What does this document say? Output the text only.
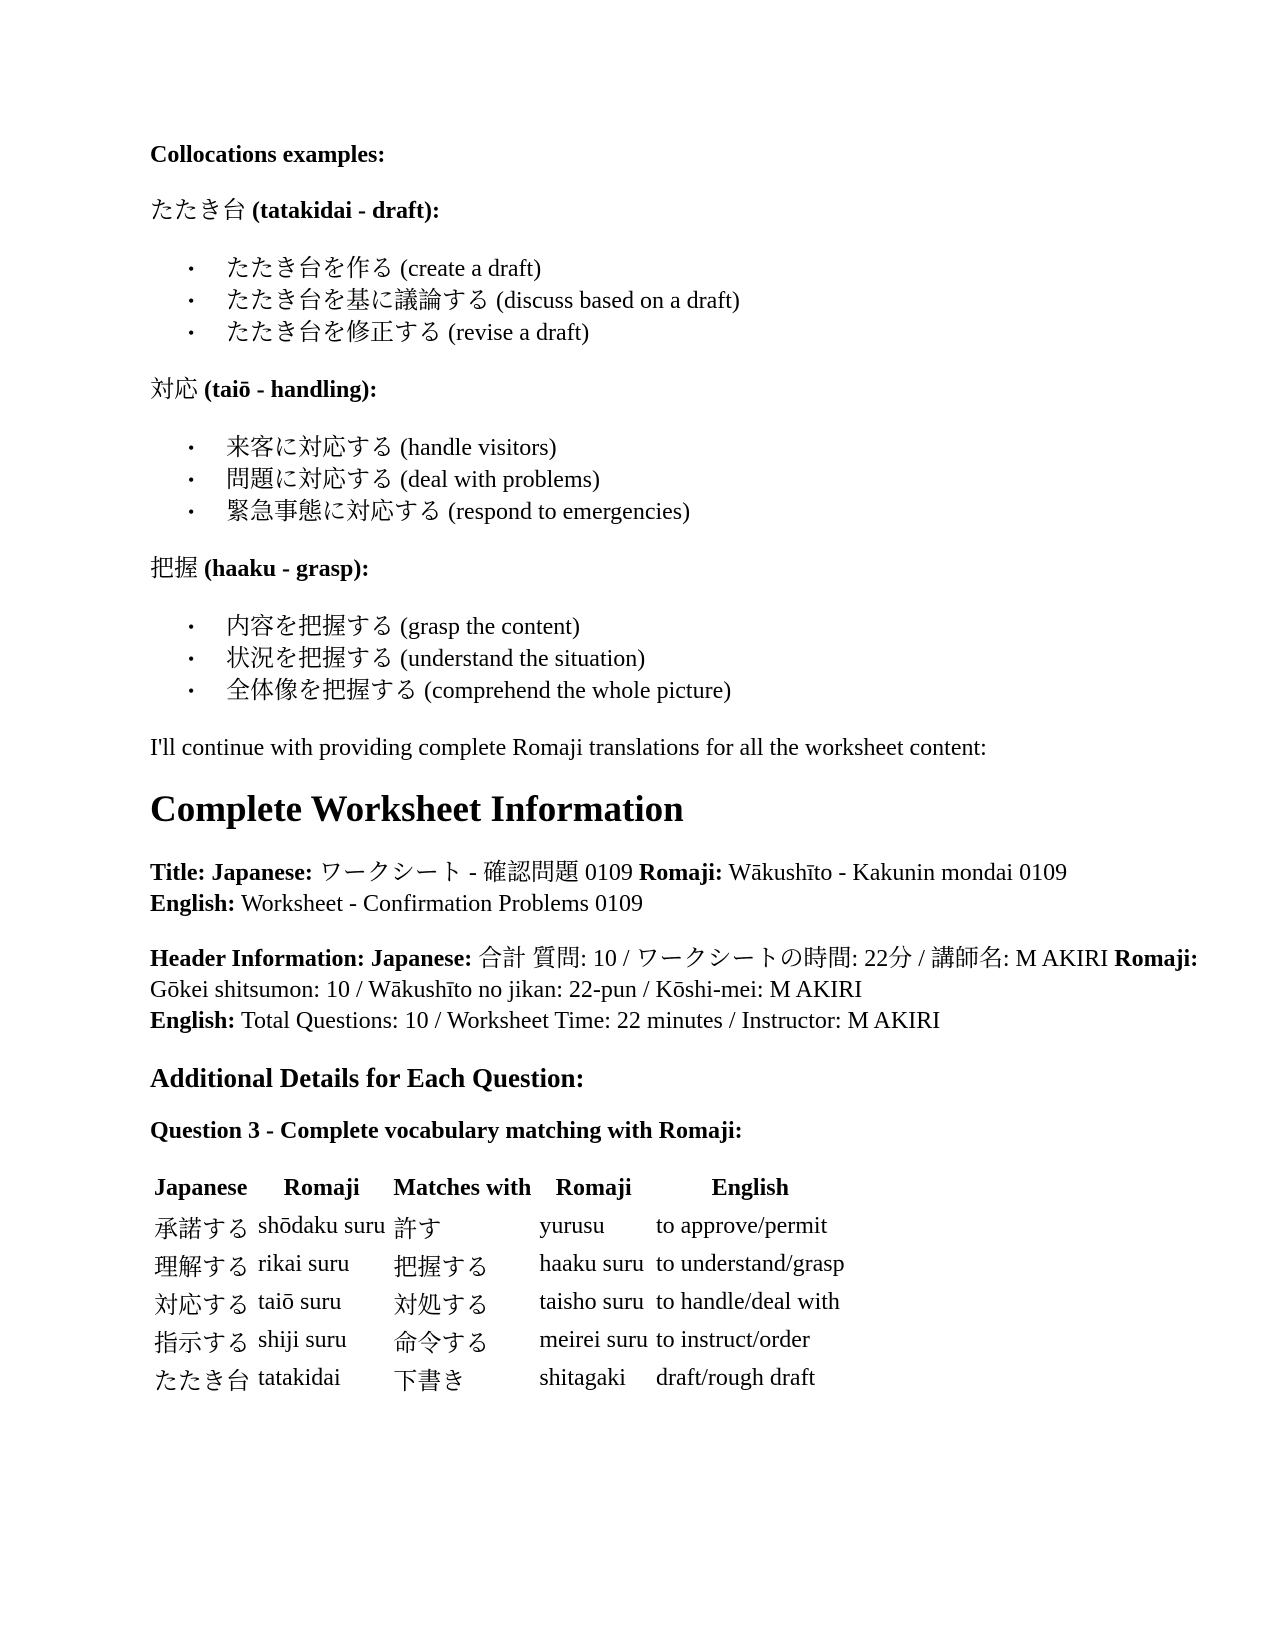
Collocations examples:

たたき台 (tatakidai - draft):

• たたき台を作る (create a draft)
• たたき台を基に議論する (discuss based on a draft)
• たたき台を修正する (revise a draft)

対応 (taiō - handling):

• 来客に対応する (handle visitors)
• 問題に対応する (deal with problems)
• 緊急事態に対応する (respond to emergencies)

把握 (haaku - grasp):

• 内容を把握する (grasp the content)
• 状況を把握する (understand the situation)
• 全体像を把握する (comprehend the whole picture)

I'll continue with providing complete Romaji translations for all the worksheet content:

Complete Worksheet Information

Title: Japanese: ワークシート - 確認問題 0109 Romaji: Wākushīto - Kakunin mondai 0109
English: Worksheet - Confirmation Problems 0109

Header Information: Japanese: 合計 質問: 10 / ワークシートの時間: 22分 / 講師名: M AKIRI Romaji: Gōkei shitsumon: 10 / Wākushīto no jikan: 22-pun / Kōshi-mei: M AKIRI
English: Total Questions: 10 / Worksheet Time: 22 minutes / Instructor: M AKIRI

Additional Details for Each Question:

Question 3 - Complete vocabulary matching with Romaji:

Japanese	Romaji	Matches with	Romaji	English
承諾する	shōdaku suru	許す	yurusu	to approve/permit
理解する	rikai suru	把握する	haaku suru	to understand/grasp
対応する	taiō suru	対処する	taisho suru	to handle/deal with
指示する	shiji suru	命令する	meirei suru	to instruct/order
たたき台	tatakidai	下書き	shitagaki	draft/rough draft
